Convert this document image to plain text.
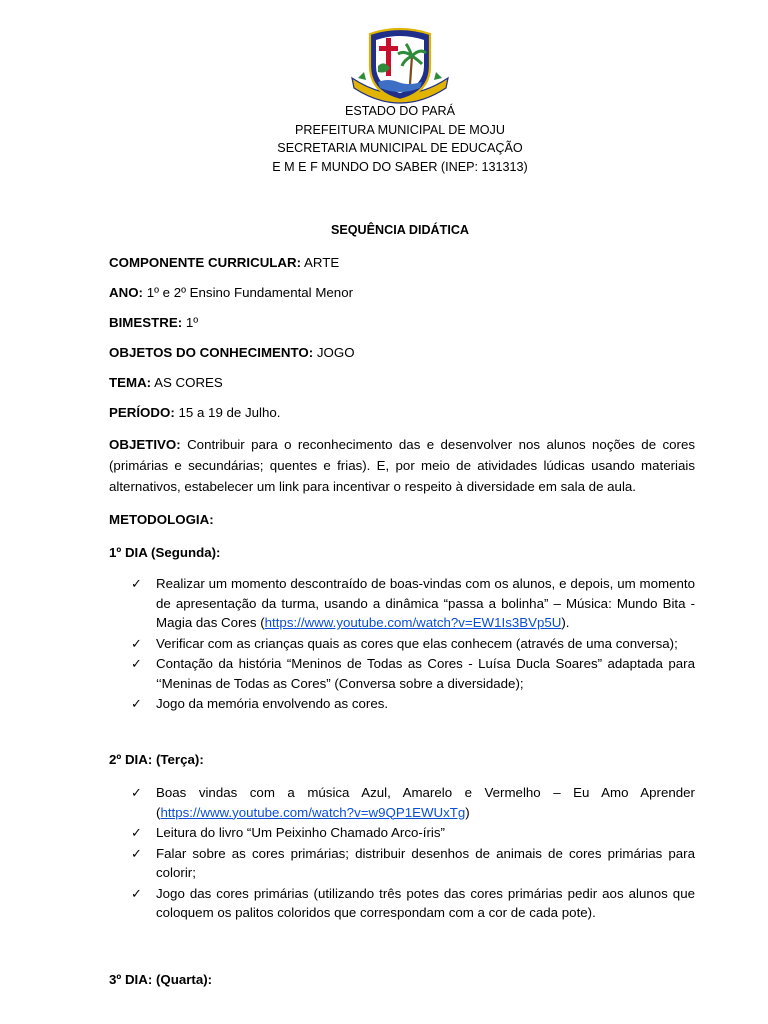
ESTADO DO PARÁ
PREFEITURA MUNICIPAL DE MOJU
SECRETARIA MUNICIPAL DE EDUCAÇÃO
E M E F MUNDO DO SABER (INEP: 131313)
SEQUÊNCIA DIDÁTICA
COMPONENTE CURRICULAR: ARTE
ANO: 1º e 2º Ensino Fundamental Menor
BIMESTRE: 1º
OBJETOS DO CONHECIMENTO: JOGO
TEMA: AS CORES
PERÍODO: 15 a 19 de Julho.
OBJETIVO: Contribuir para o reconhecimento das e desenvolver nos alunos noções de cores (primárias e secundárias; quentes e frias). E, por meio de atividades lúdicas usando materiais alternativos, estabelecer um link para incentivar o respeito à diversidade em sala de aula.
METODOLOGIA:
1º DIA (Segunda):
✓ Realizar um momento descontraído de boas-vindas com os alunos, e depois, um momento de apresentação da turma, usando a dinâmica “passa a bolinha” – Música: Mundo Bita - Magia das Cores (https://www.youtube.com/watch?v=EW1Is3BVp5U).
✓ Verificar com as crianças quais as cores que elas conhecem (através de uma conversa);
✓ Contação da história “Meninos de Todas as Cores - Luísa Ducla Soares” adaptada para ‘‘Meninas de Todas as Cores” (Conversa sobre a diversidade);
✓ Jogo da memória envolvendo as cores.
2º DIA: (Terça):
✓ Boas vindas com a música Azul, Amarelo e Vermelho – Eu Amo Aprender (https://www.youtube.com/watch?v=w9QP1EWUxTg)
✓ Leitura do livro “Um Peixinho Chamado Arco-íris”
✓ Falar sobre as cores primárias; distribuir desenhos de animais de cores primárias para colorir;
✓ Jogo das cores primárias (utilizando três potes das cores primárias pedir aos alunos que coloquem os palitos coloridos que correspondam com a cor de cada pote).
3º DIA: (Quarta):
